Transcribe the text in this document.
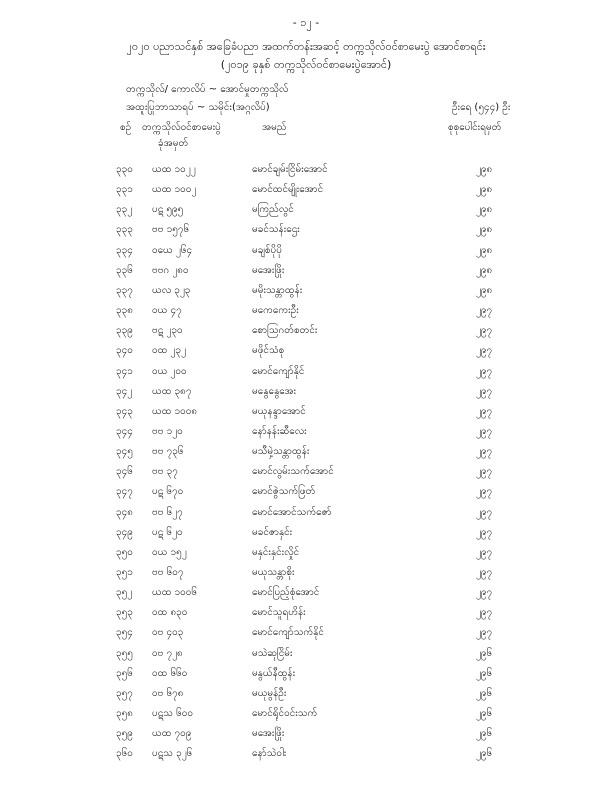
- ၁၂ -
၂၀၂၀ ပညာသင်နှစ် အခြေခံပညာ အထက်တန်းအဆင့် တက္ကသိုလ်ဝင်စာမေးပွဲ အောင်စာရင်း
(၂၀၁၉ ခုနှစ် တက္ကသိုလ်ဝင်စာမေးပွဲအောင်)
တက္ကသိုလ်/ ကောလိပ် ~ အောင်မှုတက္ကသိုလ်
အထူးပြုဘာသာရပ် ~ သမိုင်း(အဂ္ဂလိပ်)	ဦးရေ (၅၄၄) ဦး
စဉ် တက္ကသိုလ်ဝင်စာမေးပွဲ
ခုံအမှတ်
အမည်	စုစုပေါင်းရမှတ်
၃၃၀ ယထ ၁၀၂၂	မောင်ချမ်းငြိမ်းအောင်	၂၉၈
၃၃၁ ယထ ၁၀၀၂	မောင်ထင်မျိုးအောင်	၂၉၈
၃၃၂ ပဋ ၅၉၅	မကြည်လွင်	၂၉၈
၃၃၃ ဗဗ ၁၅၇၆	မခင်သန်းဌေး	၂၉၈
၃၃၄ ဝယေ ၂၆၄	မချစ်ပိုပို	၂၉၈
၃၃၆ ဗဗဂ ၂၈၀	မအေးဖြိုး	၂၉၈
၃၃၇ ယလ ၃၂၃	မမိုးသန္တာထွန်း	၂၉၈
၃၃၈ ဝယ ၄၇	မကေကေးဦး	၂၉၇
၃၃၉ ဗဋ ၂၃၀	စောသြဂတ်စတင်း	၂၉၇
၃၄၀ ဝထ ၂၃၂	မဖိုင်သံစု	၂၉၇
၃၄၁ ဝယ ၂၀၀	မောင်ကျော်နိုင်	၂၉၇
၃၄၂ ယထ ၃၈၇	မနွေနွေအေး	၂၉၇
၃၄၃ ယထ ၁၀၀၈	မယုနန္ဒာအောင်	၂၉၇
၃၄၄ ဗဗ ၁၂၀	နော်နန်းဆီလေး	၂၉၇
၃၄၅ ဗဗ ၇၃၆	မသီမှဲ့သန္တာထွန်း	၂၉၇
၃၄၆ ဗဗ ၃၇	မောင်လွမ်းသက်အောင်	၂၉၇
၃၄၇ ပဋ ၆၇၀	မောင်ဇွဲသက်ဖြတ်	၂၉၇
၃၄၈ ဗဗ ၆၂၇	မောင်အောင်သက်ဇော်	၂၉၇
၃၄၉ ပဋ ၆၂၀	မခင်ဇာနှင်း	၂၉၇
၃၅၀ ဝယ ၁၅၂	မနှင်းနှင်းလှိုင်	၂၉၇
၃၅၁ ဗဗ ၆၀၇	မယုသန္တာစိုး	၂၉၇
၃၅၂ ယထ ၁၀၀၆	မောင်ပြည့်စုံအောင်	၂၉၇
၃၅၃ ဝထ ၈၃၀	မောင်သူရဟိန်း	၂၉၇
၃၅၄ ဝဗ ၄၀၃	မောင်ကျော်သက်နိုင်	၂၉၇
၃၅၅ ဝဗ ၇၂၈	မသဲဆုငြိမ်း	၂၉၆
၃၅၆ ဝထ ၆၆၀	မနွယ်နီထွန်း	၂၉၆
၃၅၇ ဝဗ ၆၇၈	မယုမွန်ဦး	၂၉၆
၃၅၈ ပဋသ ၆၀၀	မောင်ရိုင်ဝင်းသက်	၂၉၆
၃၅၉ ယထ ၇၀၉	မအေးဖြိုး	၂၉၆
၃၆၀ ပဋသ ၃၂၆	နော်သဲဝါး	၂၉၆
